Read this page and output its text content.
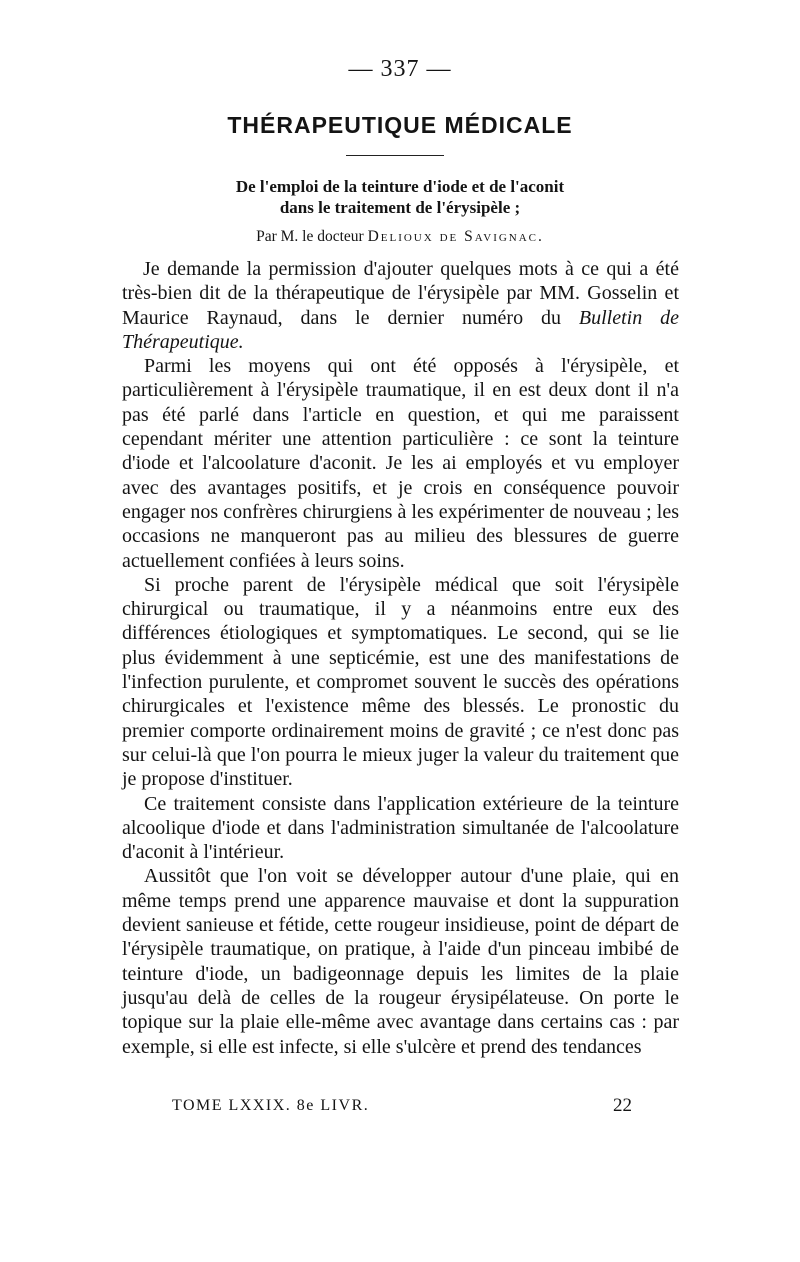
— 337 —
THÉRAPEUTIQUE MÉDICALE
De l'emploi de la teinture d'iode et de l'aconit
dans le traitement de l'érysipèle ;
Par M. le docteur Delioux de Savignac.

Je demande la permission d'ajouter quelques mots à ce qui a été très-bien dit de la thérapeutique de l'érysipèle par MM. Gosselin et Maurice Raynaud, dans le dernier numéro du Bulletin de Thérapeutique.

Parmi les moyens qui ont été opposés à l'érysipèle, et particulièrement à l'érysipèle traumatique, il en est deux dont il n'a pas été parlé dans l'article en question, et qui me paraissent cependant mériter une attention particulière : ce sont la teinture d'iode et l'alcoolature d'aconit. Je les ai employés et vu employer avec des avantages positifs, et je crois en conséquence pouvoir engager nos confrères chirurgiens à les expérimenter de nouveau ; les occasions ne manqueront pas au milieu des blessures de guerre actuellement confiées à leurs soins.

Si proche parent de l'érysipèle médical que soit l'érysipèle chirurgical ou traumatique, il y a néanmoins entre eux des différences étiologiques et symptomatiques. Le second, qui se lie plus évidemment à une septicémie, est une des manifestations de l'infection purulente, et compromet souvent le succès des opérations chirurgicales et l'existence même des blessés. Le pronostic du premier comporte ordinairement moins de gravité ; ce n'est donc pas sur celui-là que l'on pourra le mieux juger la valeur du traitement que je propose d'instituer.

Ce traitement consiste dans l'application extérieure de la teinture alcoolique d'iode et dans l'administration simultanée de l'alcoolature d'aconit à l'intérieur.

Aussitôt que l'on voit se développer autour d'une plaie, qui en même temps prend une apparence mauvaise et dont la suppuration devient sanieuse et fétide, cette rougeur insidieuse, point de départ de l'érysipèle traumatique, on pratique, à l'aide d'un pinceau imbibé de teinture d'iode, un badigeonnage depuis les limites de la plaie jusqu'au delà de celles de la rougeur érysipélateuse. On porte le topique sur la plaie elle-même avec avantage dans certains cas : par exemple, si elle est infecte, si elle s'ulcère et prend des tendances

TOME LXXIX. 8e LIVR.	22
